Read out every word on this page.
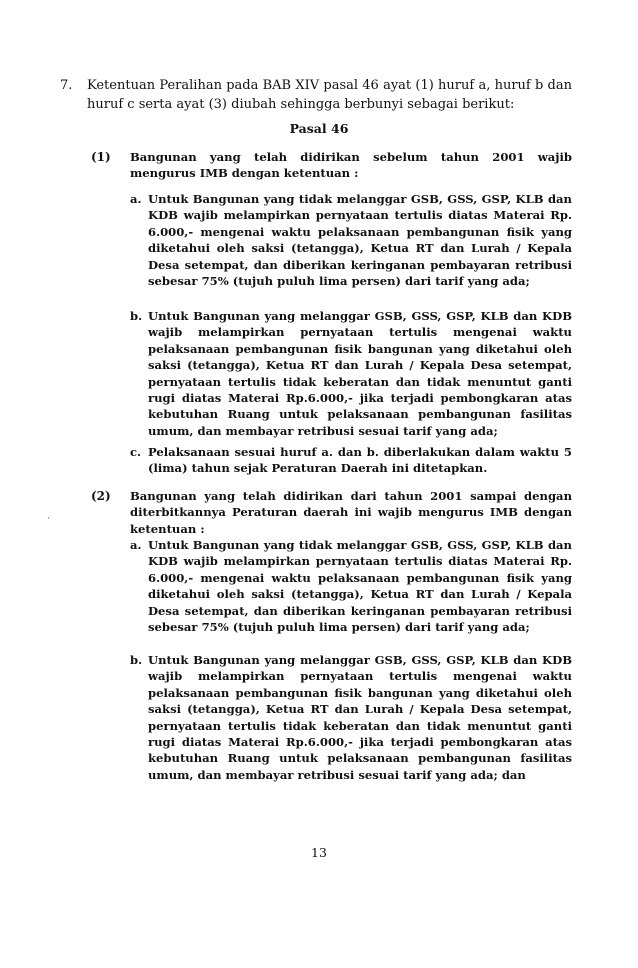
7.	Ketentuan Peralihan pada BAB XIV pasal 46 ayat (1) huruf a, huruf b dan huruf c serta ayat (3) diubah sehingga berbunyi sebagai berikut:
Pasal 46
(1) Bangunan yang telah didirikan sebelum tahun 2001 wajib mengurus IMB dengan ketentuan :
a. Untuk Bangunan yang tidak melanggar GSB, GSS, GSP, KLB dan KDB wajib melampirkan pernyataan tertulis diatas Materai Rp. 6.000,- mengenai waktu pelaksanaan pembangunan fisik yang diketahui oleh saksi (tetangga), Ketua RT dan Lurah / Kepala Desa setempat, dan diberikan keringanan pembayaran retribusi sebesar 75% (tujuh puluh lima persen) dari tarif yang ada;
b. Untuk Bangunan yang melanggar GSB, GSS, GSP, KLB dan KDB wajib melampirkan pernyataan tertulis mengenai waktu pelaksanaan pembangunan fisik bangunan yang diketahui oleh saksi (tetangga), Ketua RT dan Lurah / Kepala Desa setempat, pernyataan tertulis tidak keberatan dan tidak menuntut ganti rugi diatas Materai Rp.6.000,- jika terjadi pembongkaran atas kebutuhan Ruang untuk pelaksanaan pembangunan fasilitas umum, dan membayar retribusi sesuai tarif yang ada;
c. Pelaksanaan sesuai huruf a. dan b. diberlakukan dalam waktu 5 (lima) tahun sejak Peraturan Daerah ini ditetapkan.
(2) Bangunan yang telah didirikan dari tahun 2001 sampai dengan diterbitkannya Peraturan daerah ini wajib mengurus IMB dengan ketentuan :
a. Untuk Bangunan yang tidak melanggar GSB, GSS, GSP, KLB dan KDB wajib melampirkan pernyataan tertulis diatas Materai Rp. 6.000,- mengenai waktu pelaksanaan pembangunan fisik yang diketahui oleh saksi (tetangga), Ketua RT dan Lurah / Kepala Desa setempat, dan diberikan keringanan pembayaran retribusi sebesar 75% (tujuh puluh lima persen) dari tarif yang ada;
b. Untuk Bangunan yang melanggar GSB, GSS, GSP, KLB dan KDB wajib melampirkan pernyataan tertulis mengenai waktu pelaksanaan pembangunan fisik bangunan yang diketahui oleh saksi (tetangga), Ketua RT dan Lurah / Kepala Desa setempat, pernyataan tertulis tidak keberatan dan tidak menuntut ganti rugi diatas Materai Rp.6.000,- jika terjadi pembongkaran atas kebutuhan Ruang untuk pelaksanaan pembangunan fasilitas umum, dan membayar retribusi sesuai tarif yang ada; dan
13
‘
